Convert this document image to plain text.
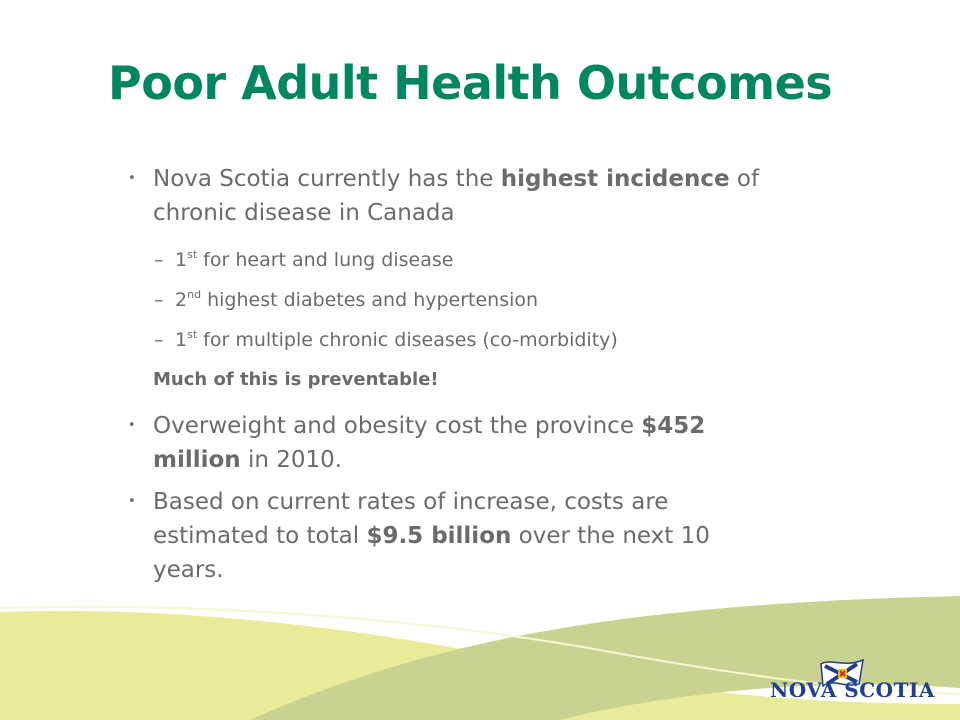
Poor Adult Health Outcomes
• Nova Scotia currently has the highest incidence of chronic disease in Canada
– 1st for heart and lung disease
– 2nd highest diabetes and hypertension
– 1st for multiple chronic diseases (co-morbidity)
Much of this is preventable!
• Overweight and obesity cost the province $452 million in 2010.
• Based on current rates of increase, costs are estimated to total $9.5 billion over the next 10 years.
NOVA SCOTIA
